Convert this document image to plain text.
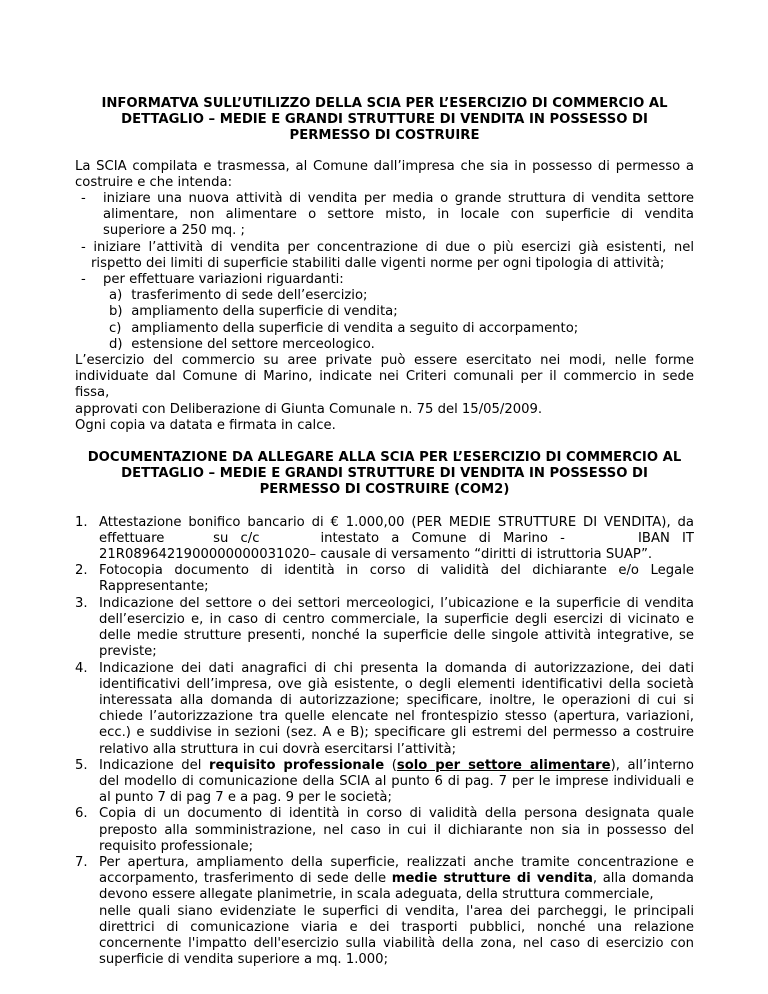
INFORMATVA SULL’UTILIZZO DELLA SCIA PER L’ESERCIZIO DI COMMERCIO AL
DETTAGLIO – MEDIE E GRANDI STRUTTURE DI VENDITA IN POSSESSO DI
PERMESSO DI COSTRUIRE
La SCIA compilata e trasmessa, al Comune dall’impresa che sia in possesso di permesso a
costruire e che intenda:
-	iniziare una nuova attività di vendita per media o grande struttura di vendita settore
alimentare, non alimentare o settore misto, in locale con superficie di vendita
superiore a 250 mq. ;
- iniziare l’attività di vendita per concentrazione di due o più esercizi già esistenti, nel
rispetto dei limiti di superficie stabiliti dalle vigenti norme per ogni tipologia di attività;
-	per effettuare variazioni riguardanti:
a) trasferimento di sede dell’esercizio;
b) ampliamento della superficie di vendita;
c) ampliamento della superficie di vendita a seguito di accorpamento;
d) estensione del settore merceologico.
L’esercizio del commercio su aree private può essere esercitato nei modi, nelle forme
individuate dal Comune di Marino, indicate nei Criteri comunali per il commercio in sede fissa,
approvati con Deliberazione di Giunta Comunale n. 75 del 15/05/2009.
Ogni copia va datata e firmata in calce.
DOCUMENTAZIONE DA ALLEGARE ALLA SCIA PER L’ESERCIZIO DI COMMERCIO AL
DETTAGLIO – MEDIE E GRANDI STRUTTURE DI VENDITA IN POSSESSO DI
PERMESSO DI COSTRUIRE (COM2)
1. Attestazione bonifico bancario di € 1.000,00 (PER MEDIE STRUTTURE DI VENDITA), da
effettuare        su  c/c          intestato  a  Comune  di  Marino  -            IBAN  IT
21R0896421900000000031020– causale di versamento “diritti di istruttoria SUAP”.
2. Fotocopia documento di identità in corso di validità del dichiarante e/o Legale
Rappresentante;
3. Indicazione del settore o dei settori merceologici, l’ubicazione e la superficie di vendita
dell’esercizio e, in caso di centro commerciale, la superficie degli esercizi di vicinato e
delle medie strutture presenti, nonché la superficie delle singole attività integrative, se
previste;
4. Indicazione dei dati anagrafici di chi presenta la domanda di autorizzazione, dei dati
identificativi dell’impresa, ove già esistente, o degli elementi identificativi della società
interessata alla domanda di autorizzazione; specificare, inoltre, le operazioni di cui si
chiede l’autorizzazione tra quelle elencate nel frontespizio stesso (apertura, variazioni,
ecc.) e suddivise in sezioni (sez. A e B); specificare gli estremi del permesso a costruire
relativo alla struttura in cui dovrà esercitarsi l’attività;
5. Indicazione del requisito professionale (solo per settore alimentare), all’interno
del modello di comunicazione della SCIA al punto 6 di pag. 7 per le imprese individuali e
al punto 7 di pag 7 e a pag. 9 per le società;
6. Copia di un documento di identità in corso di validità della persona designata quale
preposto alla somministrazione, nel caso in cui il dichiarante non sia in possesso del
requisito professionale;
7. Per apertura, ampliamento della superficie, realizzati anche tramite concentrazione e
accorpamento, trasferimento di sede delle medie strutture di vendita, alla domanda
devono essere allegate planimetrie, in scala adeguata, della struttura commerciale,
nelle quali siano evidenziate le superfici di vendita, l'area dei parcheggi, le principali
direttrici di comunicazione viaria e dei trasporti pubblici, nonché una relazione
concernente l'impatto dell'esercizio sulla viabilità della zona, nel caso di esercizio con
superficie di vendita superiore a mq. 1.000;
